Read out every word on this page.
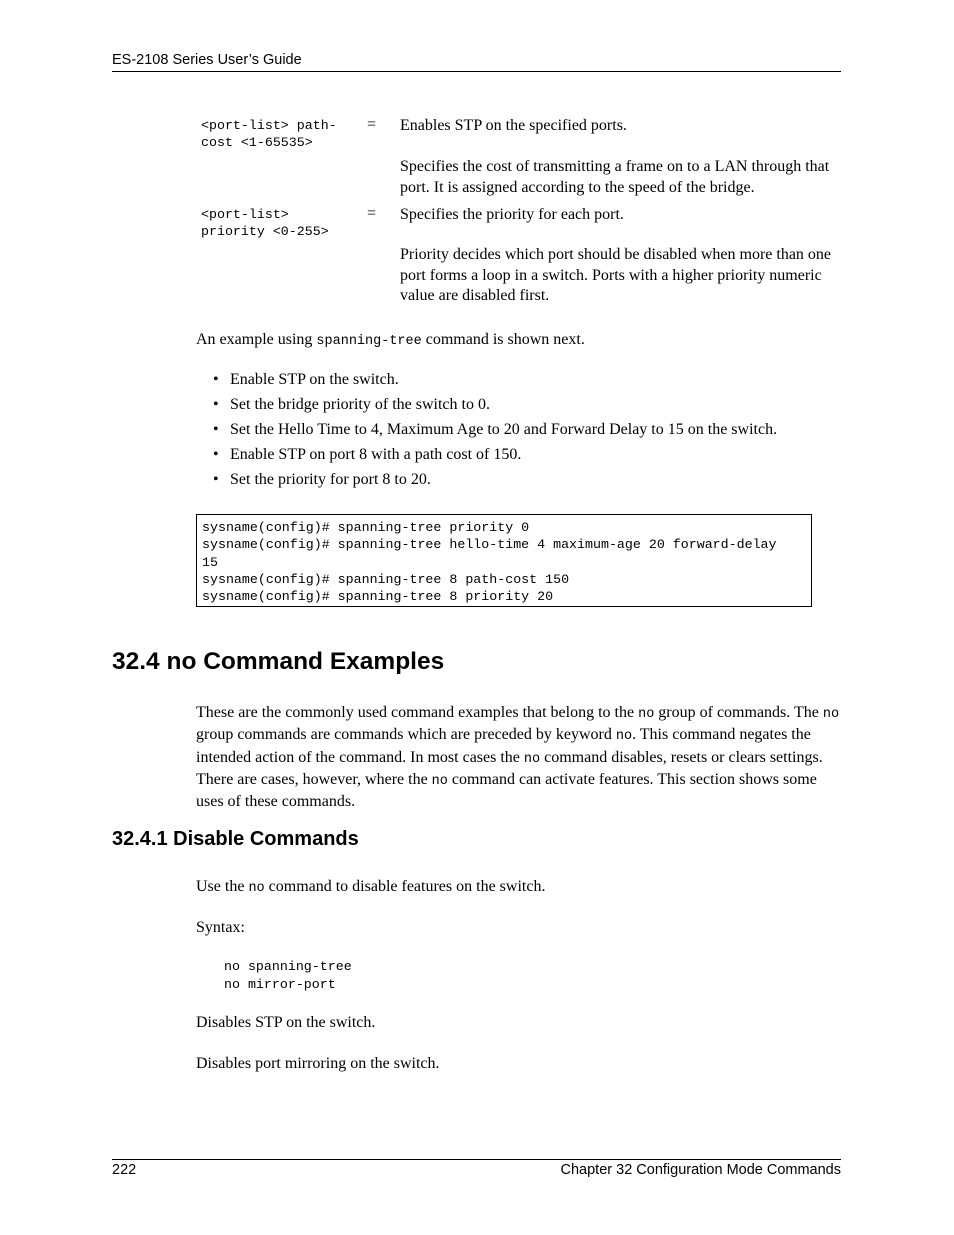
ES-2108 Series User’s Guide
<port-list> path-
cost <1-65535>
= Enables STP on the specified ports.
Specifies the cost of transmitting a frame on to a LAN through that port. It is assigned according to the speed of the bridge.
<port-list>
priority <0-255>
= Specifies the priority for each port.
Priority decides which port should be disabled when more than one port forms a loop in a switch. Ports with a higher priority numeric value are disabled first.
An example using spanning-tree command is shown next.
• Enable STP on the switch.
• Set the bridge priority of the switch to 0.
• Set the Hello Time to 4, Maximum Age to 20 and Forward Delay to 15 on the switch.
• Enable STP on port 8 with a path cost of 150.
• Set the priority for port 8 to 20.
sysname(config)# spanning-tree priority 0
sysname(config)# spanning-tree hello-time 4 maximum-age 20 forward-delay
15
sysname(config)# spanning-tree 8 path-cost 150
sysname(config)# spanning-tree 8 priority 20
32.4 no Command Examples
These are the commonly used command examples that belong to the no group of commands. The no group commands are commands which are preceded by keyword no. This command negates the intended action of the command. In most cases the no command disables, resets or clears settings. There are cases, however, where the no command can activate features. This section shows some uses of these commands.
32.4.1 Disable Commands
Use the no command to disable features on the switch.
Syntax:
no spanning-tree
no mirror-port
Disables STP on the switch.
Disables port mirroring on the switch.
222	Chapter 32 Configuration Mode Commands
